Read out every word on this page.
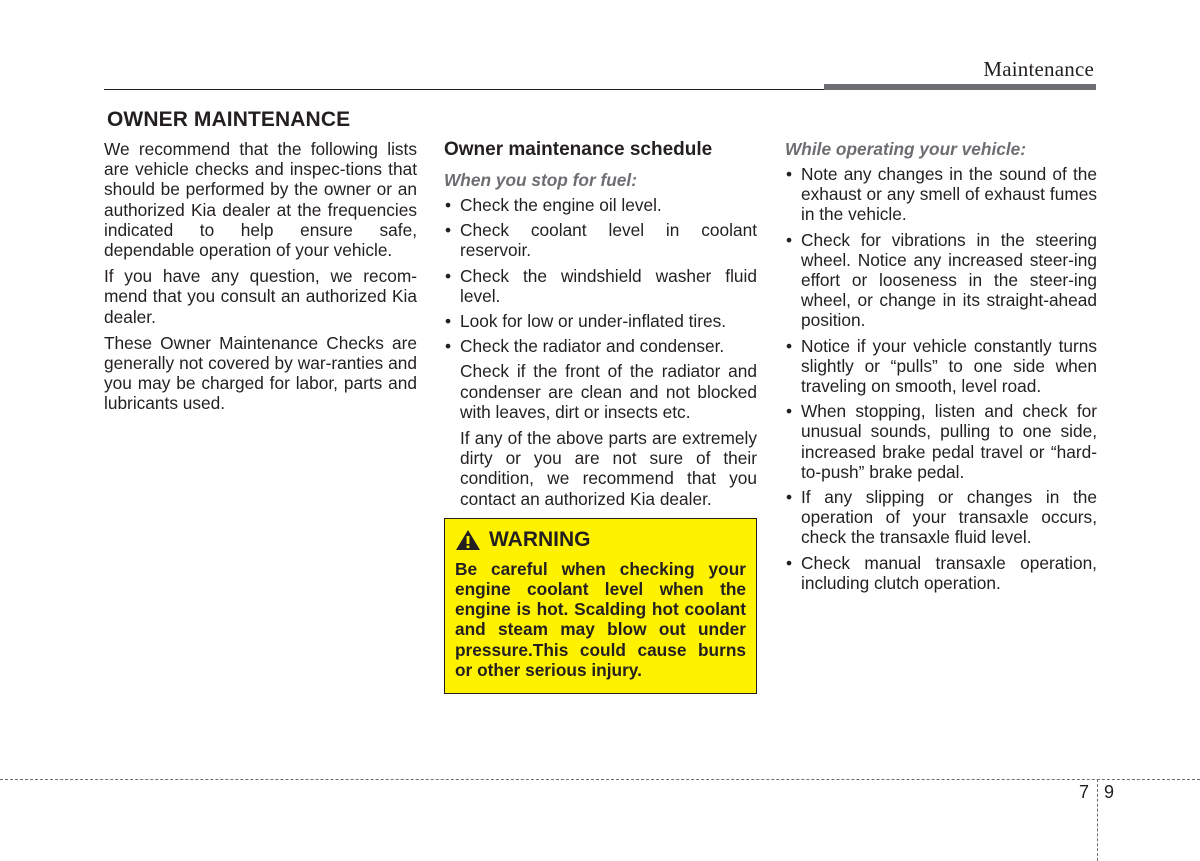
Maintenance
OWNER MAINTENANCE

We recommend that the following lists are vehicle checks and inspec-tions that should be performed by the owner or an authorized Kia dealer at the frequencies indicated to help ensure safe, dependable operation of your vehicle.

If you have any question, we recom-mend that you consult an authorized Kia dealer.

These Owner Maintenance Checks are generally not covered by war-ranties and you may be charged for labor, parts and lubricants used.

Owner maintenance schedule
When you stop for fuel:
• Check the engine oil level.
• Check coolant level in coolant reservoir.
• Check the windshield washer fluid level.
• Look for low or under-inflated tires.
• Check the radiator and condenser.

Check if the front of the radiator and condenser are clean and not blocked with leaves, dirt or insects etc.

If any of the above parts are extremely dirty or you are not sure of their condition, we recommend that you contact an authorized Kia dealer.

WARNING
Be careful when checking your engine coolant level when the engine is hot. Scalding hot coolant and steam may blow out under pressure.This could cause burns or other serious injury.
While operating your vehicle:
• Note any changes in the sound of the exhaust or any smell of exhaust fumes in the vehicle.
• Check for vibrations in the steering wheel. Notice any increased steer-ing effort or looseness in the steer-ing wheel, or change in its straight-ahead position.
• Notice if your vehicle constantly turns slightly or “pulls” to one side when traveling on smooth, level road.
• When stopping, listen and check for unusual sounds, pulling to one side, increased brake pedal travel or “hard-to-push” brake pedal.
• If any slipping or changes in the operation of your transaxle occurs, check the transaxle fluid level.
• Check manual transaxle operation, including clutch operation.
7 9
